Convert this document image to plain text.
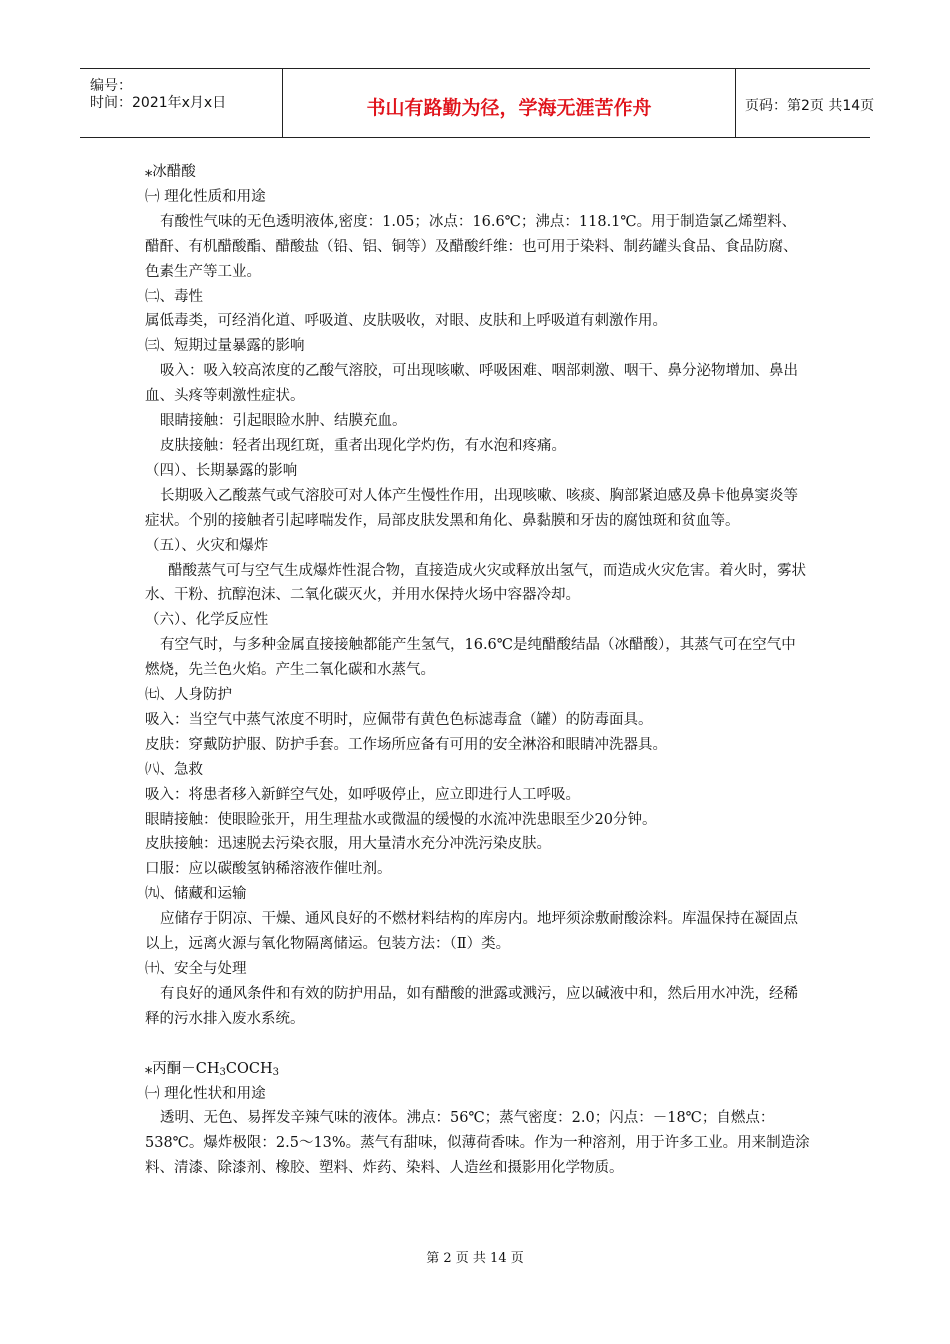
编号：
时间：2021年x月x日	书山有路勤为径，学海无涯苦作舟	页码：第2页 共14页

⁎冰醋酸

㈠ 理化性质和用途

有酸性气味的无色透明液体,密度：1.05；冰点：16.6℃；沸点：118.1℃。用于制造氯乙烯塑料、醋酐、有机醋酸酯、醋酸盐（铅、铝、铜等）及醋酸纤维：也可用于染料、制药罐头食品、食品防腐、色素生产等工业。

㈡、毒性

属低毒类，可经消化道、呼吸道、皮肤吸收，对眼、皮肤和上呼吸道有刺激作用。

㈢、短期过量暴露的影响

吸入：吸入较高浓度的乙酸气溶胶，可出现咳嗽、呼吸困难、咽部刺激、咽干、鼻分泌物增加、鼻出血、头疼等刺激性症状。

眼睛接触：引起眼睑水肿、结膜充血。

皮肤接触：轻者出现红斑，重者出现化学灼伤，有水泡和疼痛。

（四）、长期暴露的影响

长期吸入乙酸蒸气或气溶胶可对人体产生慢性作用，出现咳嗽、咳痰、胸部紧迫感及鼻卡他鼻窦炎等症状。个别的接触者引起哮喘发作，局部皮肤发黑和角化、鼻黏膜和牙齿的腐蚀斑和贫血等。

（五）、火灾和爆炸

醋酸蒸气可与空气生成爆炸性混合物，直接造成火灾或释放出氢气，而造成火灾危害。着火时，雾状水、干粉、抗醇泡沫、二氧化碳灭火，并用水保持火场中容器冷却。

（六）、化学反应性

有空气时，与多种金属直接接触都能产生氢气，16.6℃是纯醋酸结晶（冰醋酸），其蒸气可在空气中燃烧，先兰色火焰。产生二氧化碳和水蒸气。

㈦、人身防护

吸入：当空气中蒸气浓度不明时，应佩带有黄色色标滤毒盒（罐）的防毒面具。

皮肤：穿戴防护服、防护手套。工作场所应备有可用的安全淋浴和眼睛冲洗器具。

㈧、急救

吸入：将患者移入新鲜空气处，如呼吸停止，应立即进行人工呼吸。

眼睛接触：使眼睑张开，用生理盐水或微温的缓慢的水流冲洗患眼至少20分钟。

皮肤接触：迅速脱去污染衣服，用大量清水充分冲洗污染皮肤。

口服：应以碳酸氢钠稀溶液作催吐剂。

㈨、储藏和运输

应储存于阴凉、干燥、通风良好的不燃材料结构的库房内。地坪须涂敷耐酸涂料。库温保持在凝固点以上，远离火源与氧化物隔离储运。包装方法：（Ⅱ）类。

㈩、安全与处理

有良好的通风条件和有效的防护用品，如有醋酸的泄露或溅污，应以碱液中和，然后用水冲洗，经稀释的污水排入废水系统。

⁎丙酮$-CH_3COCH_3$

㈠ 理化性状和用途

透明、无色、易挥发辛辣气味的液体。沸点：56℃；蒸气密度：2.0；闪点：－18℃；自燃点：538℃。爆炸极限：2.5～13%。蒸气有甜味，似薄荷香味。作为一种溶剂，用于许多工业。用来制造涂料、清漆、除漆剂、橡胶、塑料、炸药、染料、人造丝和摄影用化学物质。

第 2 页 共 14 页
